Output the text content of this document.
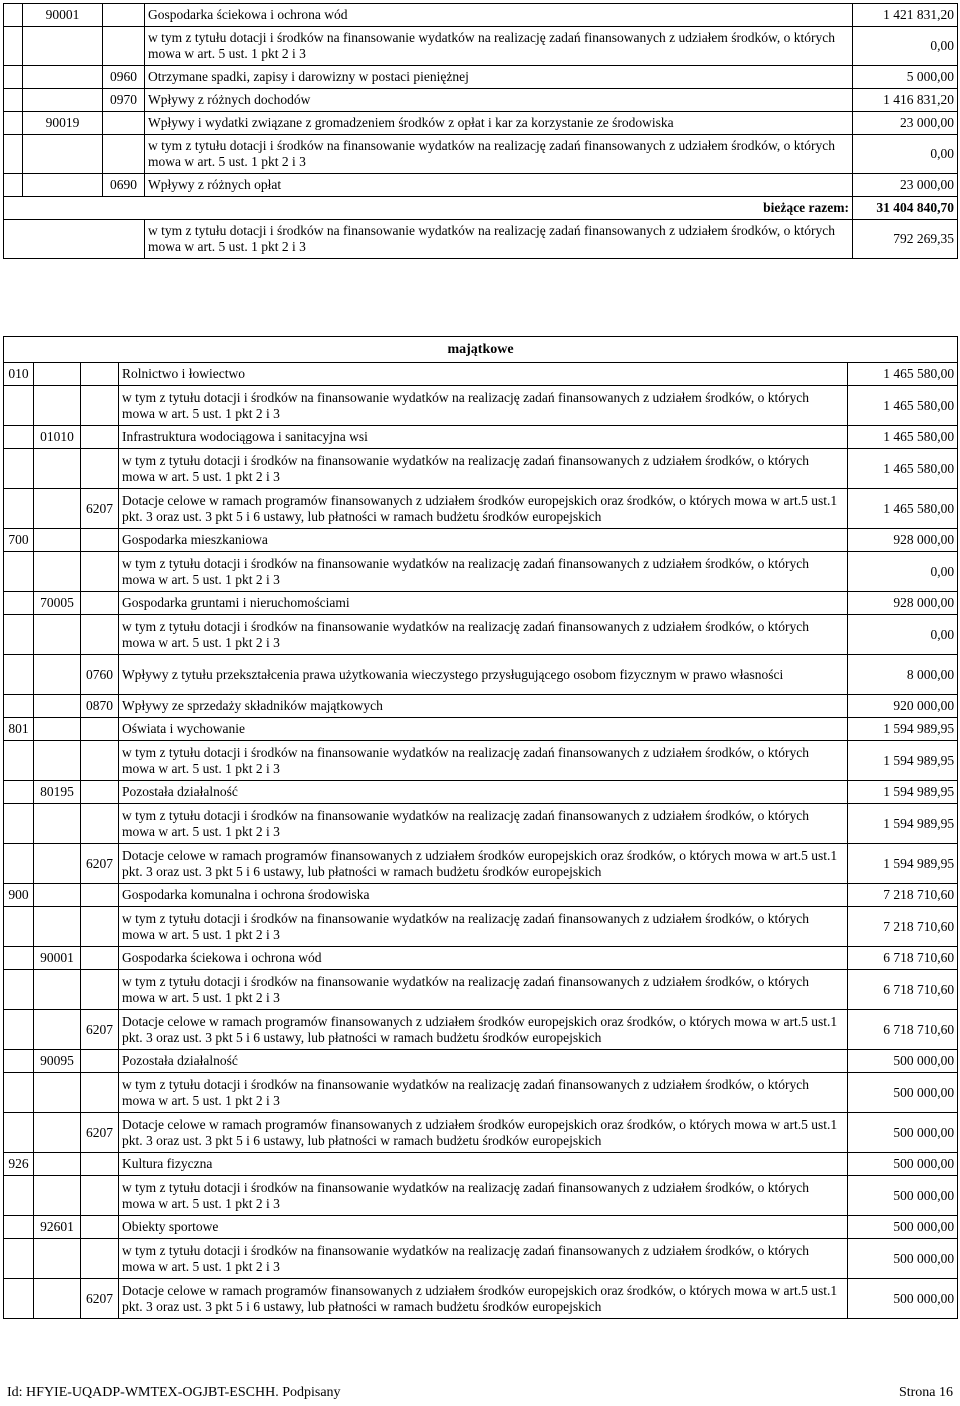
	90001		Gospodarka ściekowa i ochrona wód	1 421 831,20
			w tym z tytułu dotacji i środków na finansowanie wydatków na realizację zadań finansowanych z udziałem środków, o których mowa w art. 5 ust. 1 pkt 2 i 3	0,00
		0960	Otrzymane spadki, zapisy i darowizny w postaci pieniężnej	5 000,00
		0970	Wpływy z różnych dochodów	1 416 831,20
	90019		Wpływy i wydatki związane z gromadzeniem środków z opłat i kar za korzystanie ze środowiska	23 000,00
			w tym z tytułu dotacji i środków na finansowanie wydatków na realizację zadań finansowanych z udziałem środków, o których mowa w art. 5 ust. 1 pkt 2 i 3	0,00
		0690	Wpływy z różnych opłat	23 000,00
bieżące razem:				31 404 840,70
			w tym z tytułu dotacji i środków na finansowanie wydatków na realizację zadań finansowanych z udziałem środków, o których mowa w art. 5 ust. 1 pkt 2 i 3	792 269,35
majątkowe				
010			Rolnictwo i łowiectwo	1 465 580,00
			w tym z tytułu dotacji i środków na finansowanie wydatków na realizację zadań finansowanych z udziałem środków, o których mowa w art. 5 ust. 1 pkt 2 i 3	1 465 580,00
	01010		Infrastruktura wodociągowa i sanitacyjna wsi	1 465 580,00
			w tym z tytułu dotacji i środków na finansowanie wydatków na realizację zadań finansowanych z udziałem środków, o których mowa w art. 5 ust. 1 pkt 2 i 3	1 465 580,00
		6207	Dotacje celowe w ramach programów finansowanych z udziałem środków europejskich oraz środków, o których mowa w art.5 ust.1 pkt. 3 oraz ust. 3 pkt 5 i 6 ustawy, lub płatności w ramach budżetu środków europejskich	1 465 580,00
700			Gospodarka mieszkaniowa	928 000,00
			w tym z tytułu dotacji i środków na finansowanie wydatków na realizację zadań finansowanych z udziałem środków, o których mowa w art. 5 ust. 1 pkt 2 i 3	0,00
	70005		Gospodarka gruntami i nieruchomościami	928 000,00
			w tym z tytułu dotacji i środków na finansowanie wydatków na realizację zadań finansowanych z udziałem środków, o których mowa w art. 5 ust. 1 pkt 2 i 3	0,00
		0760	Wpływy z tytułu przekształcenia prawa użytkowania wieczystego przysługującego osobom fizycznym w prawo własności	8 000,00
		0870	Wpływy ze sprzedaży składników majątkowych	920 000,00
801			Oświata i wychowanie	1 594 989,95
			w tym z tytułu dotacji i środków na finansowanie wydatków na realizację zadań finansowanych z udziałem środków, o których mowa w art. 5 ust. 1 pkt 2 i 3	1 594 989,95
	80195		Pozostała działalność	1 594 989,95
			w tym z tytułu dotacji i środków na finansowanie wydatków na realizację zadań finansowanych z udziałem środków, o których mowa w art. 5 ust. 1 pkt 2 i 3	1 594 989,95
		6207	Dotacje celowe w ramach programów finansowanych z udziałem środków europejskich oraz środków, o których mowa w art.5 ust.1 pkt. 3 oraz ust. 3 pkt 5 i 6 ustawy, lub płatności w ramach budżetu środków europejskich	1 594 989,95
900			Gospodarka komunalna i ochrona środowiska	7 218 710,60
			w tym z tytułu dotacji i środków na finansowanie wydatków na realizację zadań finansowanych z udziałem środków, o których mowa w art. 5 ust. 1 pkt 2 i 3	7 218 710,60
	90001		Gospodarka ściekowa i ochrona wód	6 718 710,60
			w tym z tytułu dotacji i środków na finansowanie wydatków na realizację zadań finansowanych z udziałem środków, o których mowa w art. 5 ust. 1 pkt 2 i 3	6 718 710,60
		6207	Dotacje celowe w ramach programów finansowanych z udziałem środków europejskich oraz środków, o których mowa w art.5 ust.1 pkt. 3 oraz ust. 3 pkt 5 i 6 ustawy, lub płatności w ramach budżetu środków europejskich	6 718 710,60
	90095		Pozostała działalność	500 000,00
			w tym z tytułu dotacji i środków na finansowanie wydatków na realizację zadań finansowanych z udziałem środków, o których mowa w art. 5 ust. 1 pkt 2 i 3	500 000,00
		6207	Dotacje celowe w ramach programów finansowanych z udziałem środków europejskich oraz środków, o których mowa w art.5 ust.1 pkt. 3 oraz ust. 3 pkt 5 i 6 ustawy, lub płatności w ramach budżetu środków europejskich	500 000,00
926			Kultura fizyczna	500 000,00
			w tym z tytułu dotacji i środków na finansowanie wydatków na realizację zadań finansowanych z udziałem środków, o których mowa w art. 5 ust. 1 pkt 2 i 3	500 000,00
	92601		Obiekty sportowe	500 000,00
			w tym z tytułu dotacji i środków na finansowanie wydatków na realizację zadań finansowanych z udziałem środków, o których mowa w art. 5 ust. 1 pkt 2 i 3	500 000,00
		6207	Dotacje celowe w ramach programów finansowanych z udziałem środków europejskich oraz środków, o których mowa w art.5 ust.1 pkt. 3 oraz ust. 3 pkt 5 i 6 ustawy, lub płatności w ramach budżetu środków europejskich	500 000,00
Id: HFYIE-UQADP-WMTEX-OGJBT-ESCHH. Podpisany	Strona 16
